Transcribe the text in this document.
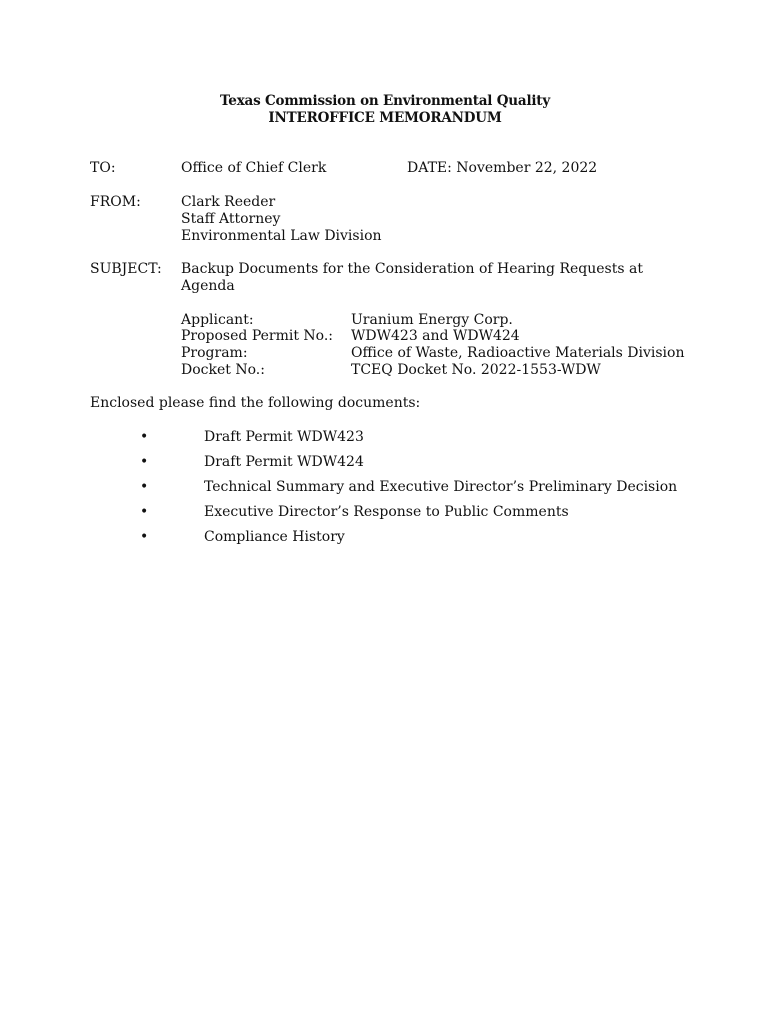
Texas Commission on Environmental Quality
INTEROFFICE MEMORANDUM
TO:	Office of Chief Clerk	DATE: November 22, 2022
FROM:	Clark Reeder
Staff Attorney
Environmental Law Division
SUBJECT: Backup Documents for the Consideration of Hearing Requests at
Agenda
Applicant:	Uranium Energy Corp.
Proposed Permit No.: WDW423 and WDW424
Program:	Office of Waste, Radioactive Materials Division
Docket No.:	TCEQ Docket No. 2022-1553-WDW
Enclosed please find the following documents:
•	Draft Permit WDW423
•	Draft Permit WDW424
•	Technical Summary and Executive Director’s Preliminary Decision
•	Executive Director’s Response to Public Comments
•	Compliance History
